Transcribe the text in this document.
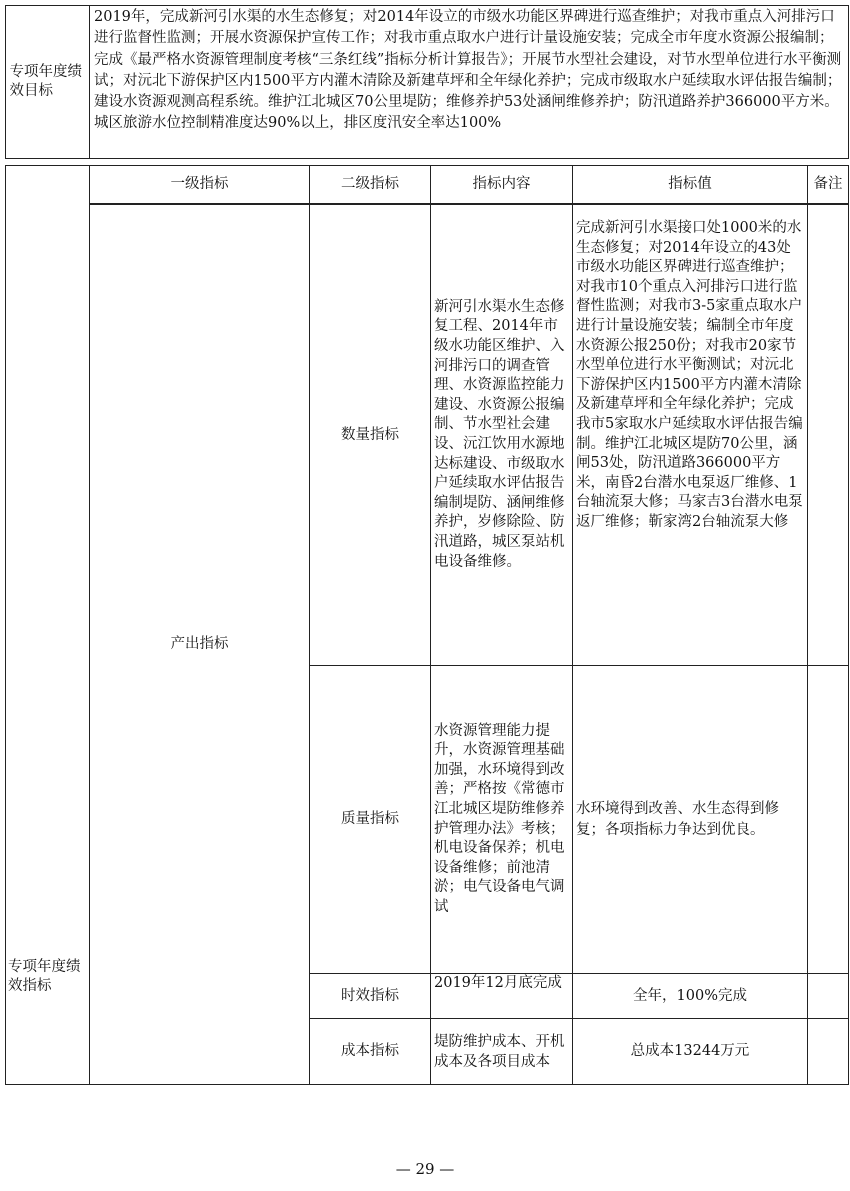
专项年度绩效目标	2019年，完成新河引水渠的水生态修复；对2014年设立的市级水功能区界碑进行巡查维护；对我市重点入河排污口进行监督性监测；开展水资源保护宣传工作；对我市重点取水户进行计量设施安装；完成全市年度水资源公报编制；完成《最严格水资源管理制度考核“三条红线”指标分析计算报告》；开展节水型社会建设，对节水型单位进行水平衡测试；对沅北下游保护区内1500平方内灌木清除及新建草坪和全年绿化养护；完成市级取水户延续取水评估报告编制；建设水资源观测高程系统。维护江北城区70公里堤防；维修养护53处涵闸维修养护；防汛道路养护366000平方米。城区旅游水位控制精准度达90%以上，排区度汛安全率达100%
专项年度绩效指标	一级指标	二级指标	指标内容	指标值	备注

	产出指标	数量指标	新河引水渠水生态修复工程、2014年市级水功能区维护、入河排污口的调查管理、水资源监控能力建设、水资源公报编制、节水型社会建设、沅江饮用水源地达标建设、市级取水户延续取水评估报告编制堤防、涵闸维修养护，岁修除险、防汛道路，城区泵站机电设备维修。	完成新河引水渠接口处1000米的水生态修复；对2014年设立的43处市级水功能区界碑进行巡查维护；对我市10个重点入河排污口进行监督性监测；对我市3-5家重点取水户进行计量设施安装；编制全市年度水资源公报250份；对我市20家节水型单位进行水平衡测试；对沅北下游保护区内1500平方内灌木清除及新建草坪和全年绿化养护；完成我市5家取水户延续取水评估报告编制。维护江北城区堤防70公里，涵闸53处，防汛道路366000平方米，南昏2台潜水电泵返厂维修、1台轴流泵大修；马家吉3台潜水电泵返厂维修；靳家湾2台轴流泵大修	
		质量指标	水资源管理能力提升，水资源管理基础加强，水环境得到改善；严格按《常德市江北城区堤防维修养护管理办法》考核；机电设备保养；机电设备维修；前池清淤；电气设备电气调试	水环境得到改善、水生态得到修复；各项指标力争达到优良。	
		时效指标	2019年12月底完成	全年，100%完成	
		成本指标	堤防维护成本、开机成本及各项目成本	总成本13244万元	
— 29 —
